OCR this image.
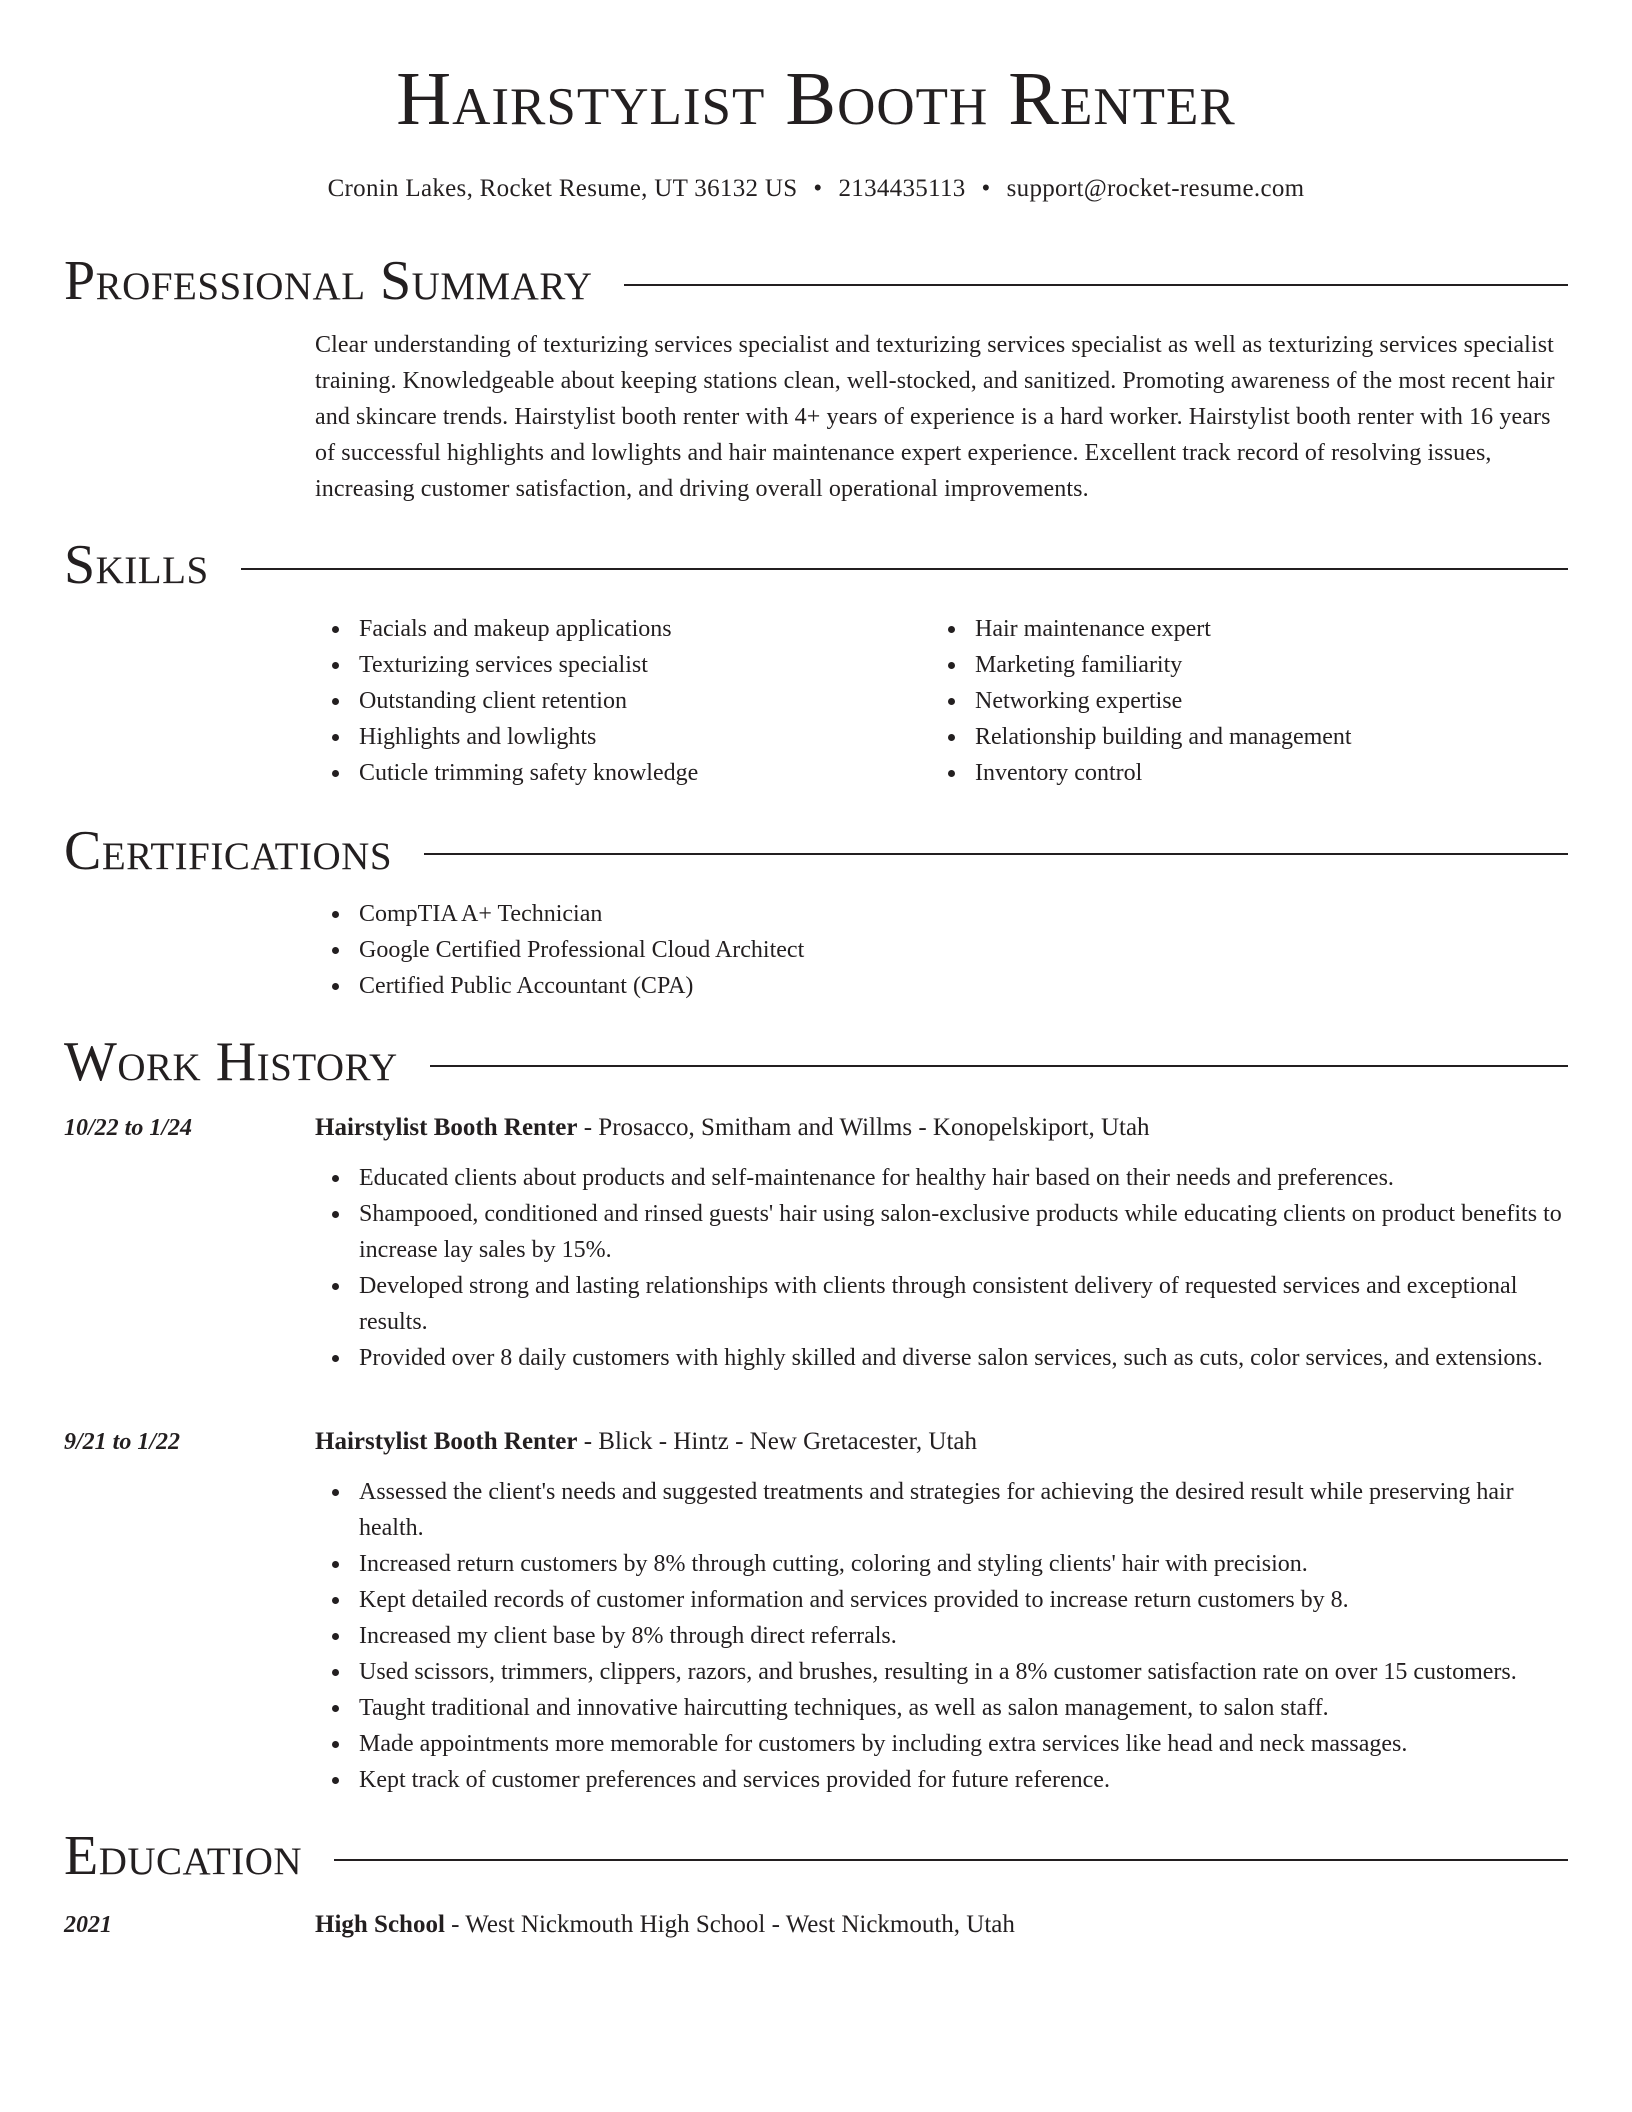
Hairstylist Booth Renter
Cronin Lakes, Rocket Resume, UT 36132 US • 2134435113 • support@rocket-resume.com
Professional Summary

Clear understanding of texturizing services specialist and texturizing services specialist as well as texturizing services specialist training. Knowledgeable about keeping stations clean, well-stocked, and sanitized. Promoting awareness of the most recent hair and skincare trends. Hairstylist booth renter with 4+ years of experience is a hard worker. Hairstylist booth renter with 16 years of successful highlights and lowlights and hair maintenance expert experience. Excellent track record of resolving issues, increasing customer satisfaction, and driving overall operational improvements.

Skills
Facials and makeup applications
Texturizing services specialist
Outstanding client retention
Highlights and lowlights
Cuticle trimming safety knowledge
Hair maintenance expert
Marketing familiarity
Networking expertise
Relationship building and management
Inventory control
Certifications
CompTIA A+ Technician
Google Certified Professional Cloud Architect
Certified Public Accountant (CPA)
Work History
10/22 to 1/24	Hairstylist Booth Renter - Prosacco, Smitham and Willms - Konopelskiport, Utah
Educated clients about products and self-maintenance for healthy hair based on their needs and preferences.
Shampooed, conditioned and rinsed guests' hair using salon-exclusive products while educating clients on product benefits to increase lay sales by 15%.
Developed strong and lasting relationships with clients through consistent delivery of requested services and exceptional results.
Provided over 8 daily customers with highly skilled and diverse salon services, such as cuts, color services, and extensions.
9/21 to 1/22	Hairstylist Booth Renter - Blick - Hintz - New Gretacester, Utah
Assessed the client's needs and suggested treatments and strategies for achieving the desired result while preserving hair health.
Increased return customers by 8% through cutting, coloring and styling clients' hair with precision.
Kept detailed records of customer information and services provided to increase return customers by 8.
Increased my client base by 8% through direct referrals.
Used scissors, trimmers, clippers, razors, and brushes, resulting in a 8% customer satisfaction rate on over 15 customers.
Taught traditional and innovative haircutting techniques, as well as salon management, to salon staff.
Made appointments more memorable for customers by including extra services like head and neck massages.
Kept track of customer preferences and services provided for future reference.
Education
2021	High School - West Nickmouth High School - West Nickmouth, Utah
